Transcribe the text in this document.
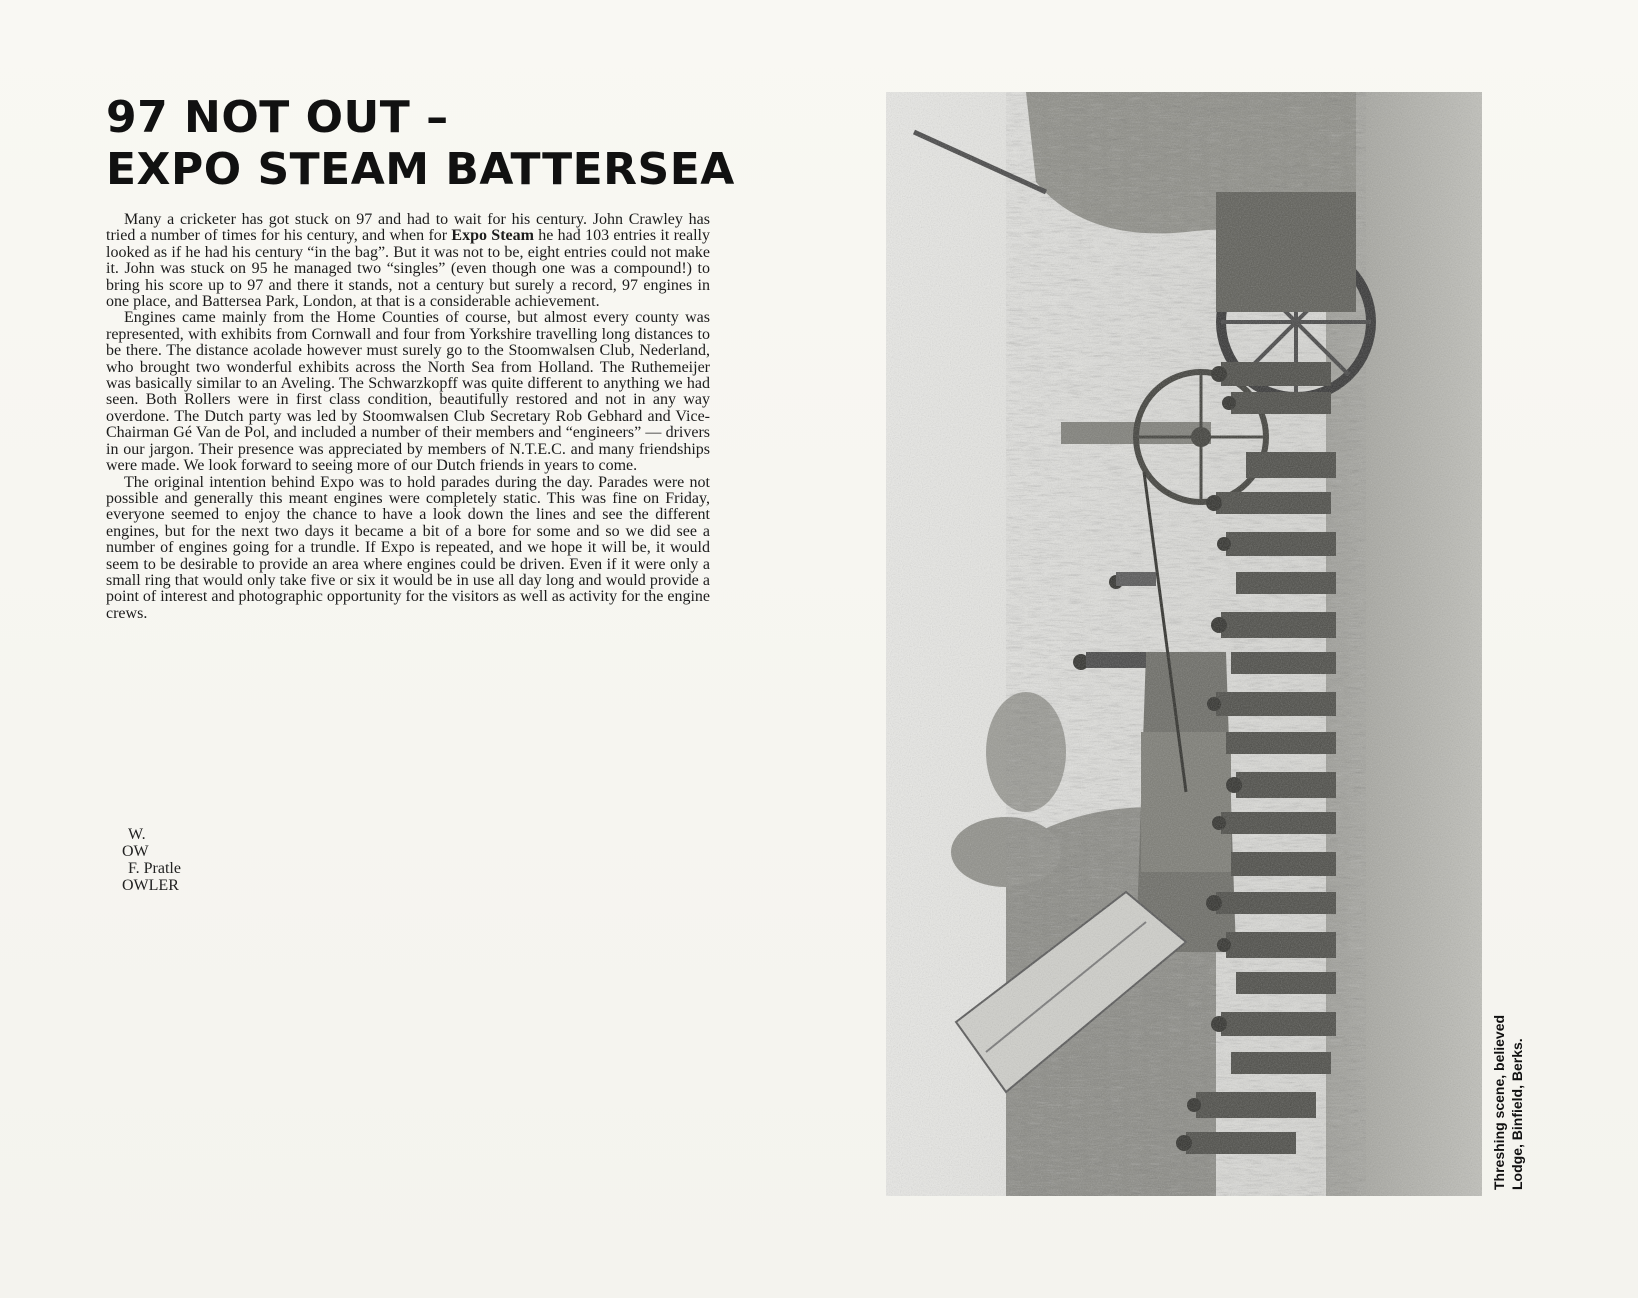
97 NOT OUT –
EXPO STEAM BATTERSEA

Many a cricketer has got stuck on 97 and had to wait for his century. John Crawley has tried a number of times for his century, and when for Expo Steam he had 103 entries it really looked as if he had his century “in the bag”. But it was not to be, eight entries could not make it. John was stuck on 95 he managed two “singles” (even though one was a compound!) to bring his score up to 97 and there it stands, not a century but surely a record, 97 engines in one place, and Battersea Park, London, at that is a considerable achievement.

Engines came mainly from the Home Counties of course, but almost every county was represented, with exhibits from Cornwall and four from Yorkshire travelling long distances to be there. The distance acolade however must surely go to the Stoomwalsen Club, Nederland, who brought two wonderful exhibits across the North Sea from Holland. The Ruthemeijer was basically similar to an Aveling. The Schwarzkopff was quite different to anything we had seen. Both Rollers were in first class condition, beautifully restored and not in any way overdone. The Dutch party was led by Stoomwalsen Club Secretary Rob Gebhard and Vice-Chairman Gé Van de Pol, and included a number of their members and “engineers” — drivers in our jargon. Their presence was appreciated by members of N.T.E.C. and many friendships were made. We look forward to seeing more of our Dutch friends in years to come.

The original intention behind Expo was to hold parades during the day. Parades were not possible and generally this meant engines were completely static. This was fine on Friday, everyone seemed to enjoy the chance to have a look down the lines and see the different engines, but for the next two days it became a bit of a bore for some and so we did see a number of engines going for a trundle. If Expo is repeated, and we hope it will be, it would seem to be desirable to provide an area where engines could be driven. Even if it were only a small ring that would only take five or six it would be in use all day long and would provide a point of interest and photographic opportunity for the visitors as well as activity for the engine crews.

W.
OW
F. Pratle
OWLER
Threshing scene, believed Lodge, Binfield, Berks.
